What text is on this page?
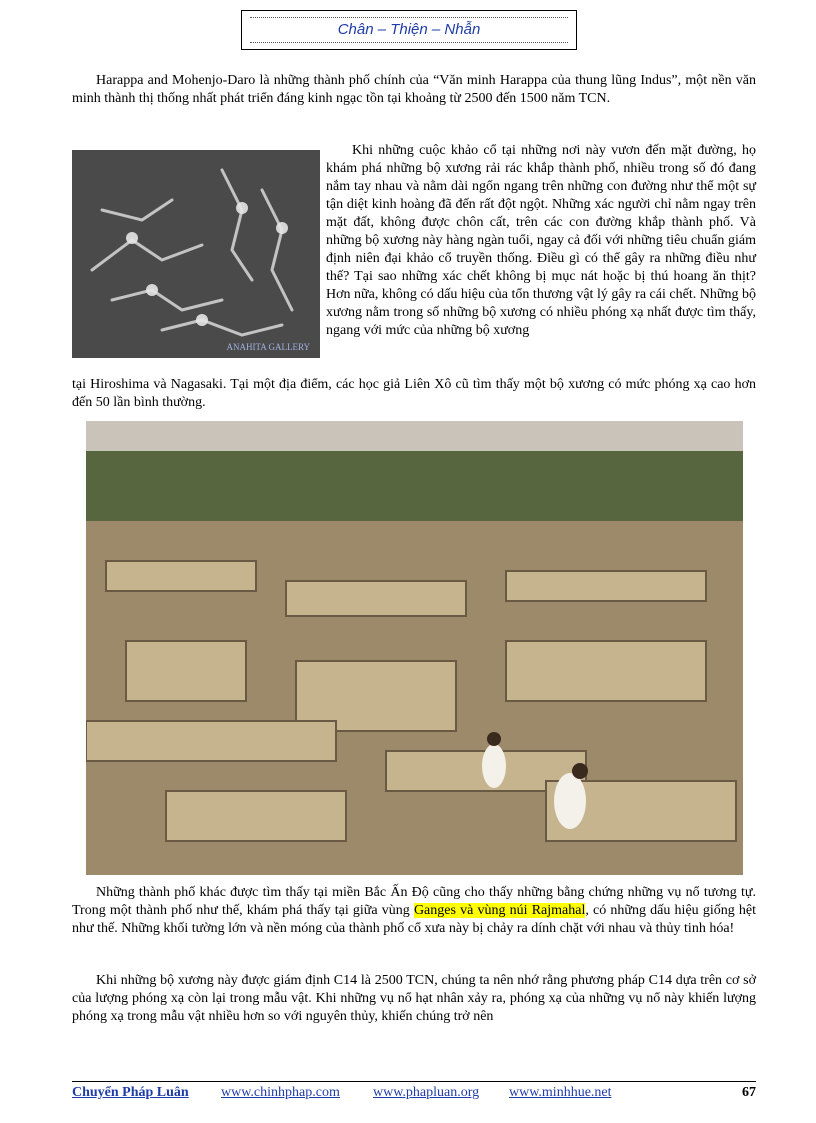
Chân – Thiện – Nhẫn
Harappa and Mohenjo-Daro là những thành phố chính của “Văn minh Harappa của thung lũng Indus”, một nền văn minh thành thị thống nhất phát triển đáng kinh ngạc tồn tại khoảng từ 2500 đến 1500 năm TCN.
ANAHITA GALLERY
Khi những cuộc khảo cổ tại những nơi này vươn đến mặt đường, họ khám phá những bộ xương rải rác khắp thành phố, nhiều trong số đó đang nắm tay nhau và nằm dài ngổn ngang trên những con đường như thể một sự tận diệt kinh hoàng đã đến rất đột ngột. Những xác người chỉ nằm ngay trên mặt đất, không được chôn cất, trên các con đường khắp thành phố. Và những bộ xương này hàng ngàn tuổi, ngay cả đối với những tiêu chuẩn giám định niên đại khảo cổ truyền thống. Điều gì có thể gây ra những điều như thế? Tại sao những xác chết không bị mục nát hoặc bị thú hoang ăn thịt? Hơn nữa, không có dấu hiệu của tổn thương vật lý gây ra cái chết. Những bộ xương nằm trong số những bộ xương có nhiều phóng xạ nhất được tìm thấy, ngang với mức của những bộ xương
tại Hiroshima và Nagasaki. Tại một địa điểm, các học giả Liên Xô cũ tìm thấy một bộ xương có mức phóng xạ cao hơn đến 50 lần bình thường.
Những thành phố khác được tìm thấy tại miền Bắc Ấn Độ cũng cho thấy những bằng chứng những vụ nổ tương tự. Trong một thành phố như thế, khám phá thấy tại giữa vùng Ganges và vùng núi Rajmahal, có những dấu hiệu giống hệt như thế. Những khối tường lớn và nền móng của thành phố cổ xưa này bị chảy ra dính chặt với nhau và thủy tinh hóa!
Khi những bộ xương này được giám định C14 là 2500 TCN, chúng ta nên nhớ rằng phương pháp C14 dựa trên cơ sở của lượng phóng xạ còn lại trong mẫu vật. Khi những vụ nổ hạt nhân xảy ra, phóng xạ của những vụ nổ này khiến lượng phóng xạ trong mẫu vật nhiều hơn so với nguyên thủy, khiến chúng trở nên
Chuyển Pháp Luân www.chinhphap.com www.phapluan.org www.minhhue.net	67
